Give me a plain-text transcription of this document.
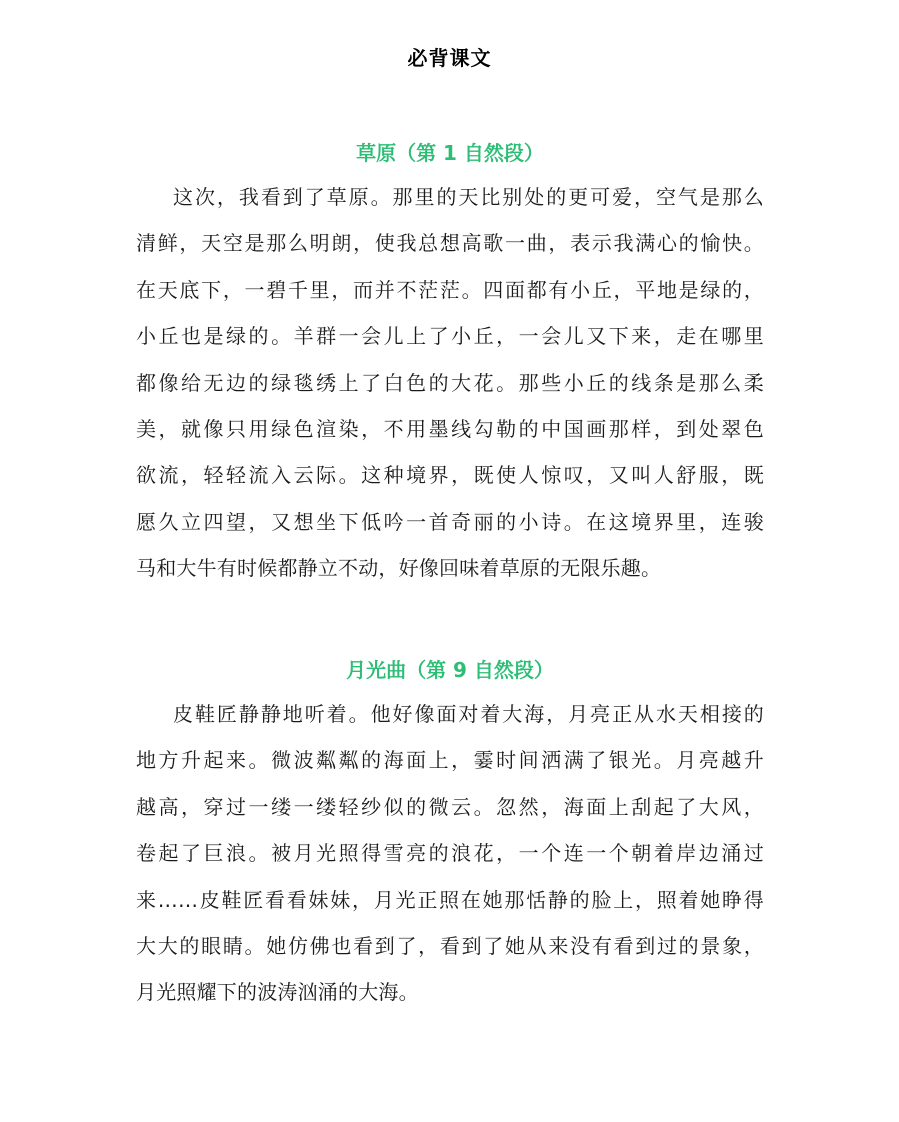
必背课文
草原（第 1 自然段）
这次，我看到了草原。那里的天比别处的更可爱，空气是那么
清鲜，天空是那么明朗，使我总想高歌一曲，表示我满心的愉快。
在天底下，一碧千里，而并不茫茫。四面都有小丘，平地是绿的，
小丘也是绿的。羊群一会儿上了小丘，一会儿又下来，走在哪里
都像给无边的绿毯绣上了白色的大花。那些小丘的线条是那么柔
美，就像只用绿色渲染，不用墨线勾勒的中国画那样，到处翠色
欲流，轻轻流入云际。这种境界，既使人惊叹，又叫人舒服，既
愿久立四望，又想坐下低吟一首奇丽的小诗。在这境界里，连骏
马和大牛有时候都静立不动，好像回味着草原的无限乐趣。
月光曲（第 9 自然段）
皮鞋匠静静地听着。他好像面对着大海，月亮正从水天相接的
地方升起来。微波粼粼的海面上，霎时间洒满了银光。月亮越升
越高，穿过一缕一缕轻纱似的微云。忽然，海面上刮起了大风，
卷起了巨浪。被月光照得雪亮的浪花，一个连一个朝着岸边涌过
来……皮鞋匠看看妹妹，月光正照在她那恬静的脸上，照着她睁得
大大的眼睛。她仿佛也看到了，看到了她从来没有看到过的景象，
月光照耀下的波涛汹涌的大海。
